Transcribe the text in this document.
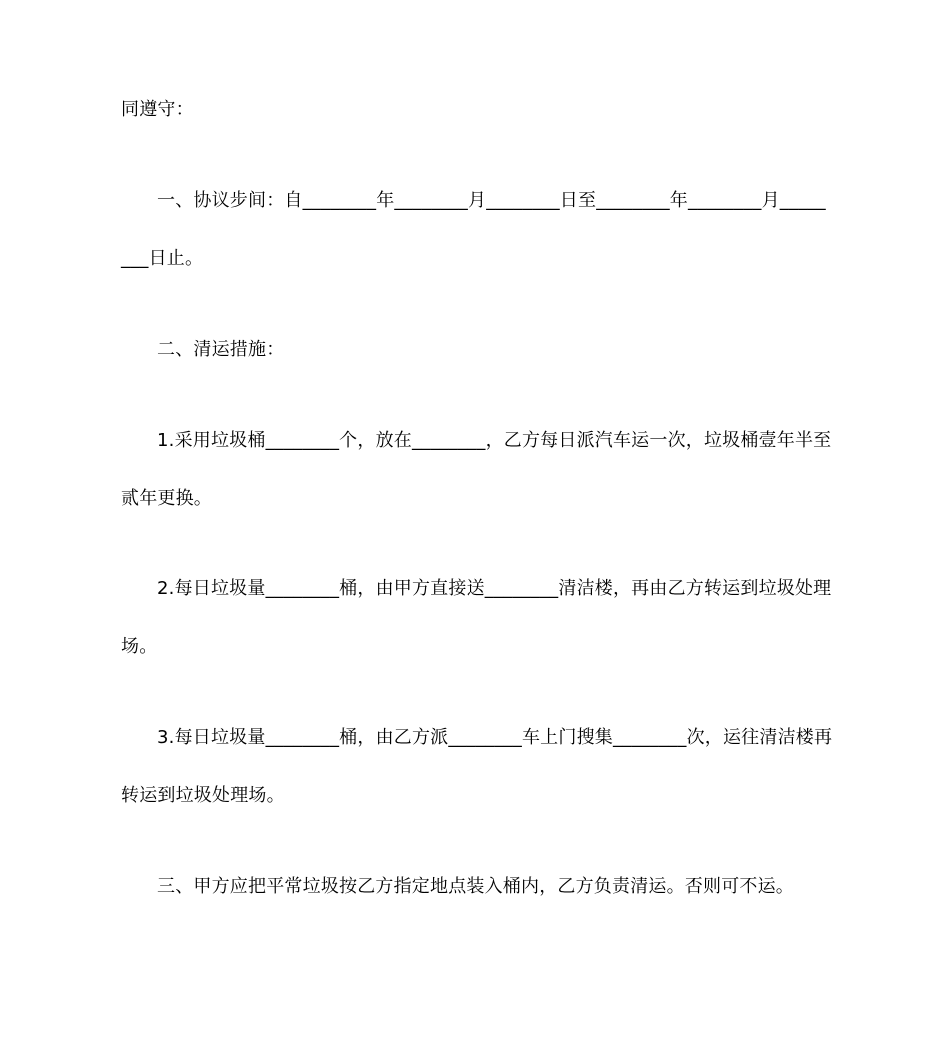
同遵守：
一、协议步间：自________年________月________日至________年________月_____
___日止。
二、清运措施：
1.采用垃圾桶________个，放在________，乙方每日派汽车运一次，垃圾桶壹年半至
贰年更换。
2.每日垃圾量________桶，由甲方直接送________清洁楼，再由乙方转运到垃圾处理
场。
3.每日垃圾量________桶，由乙方派________车上门搜集________次，运往清洁楼再
转运到垃圾处理场。
三、甲方应把平常垃圾按乙方指定地点装入桶内，乙方负责清运。否则可不运。
